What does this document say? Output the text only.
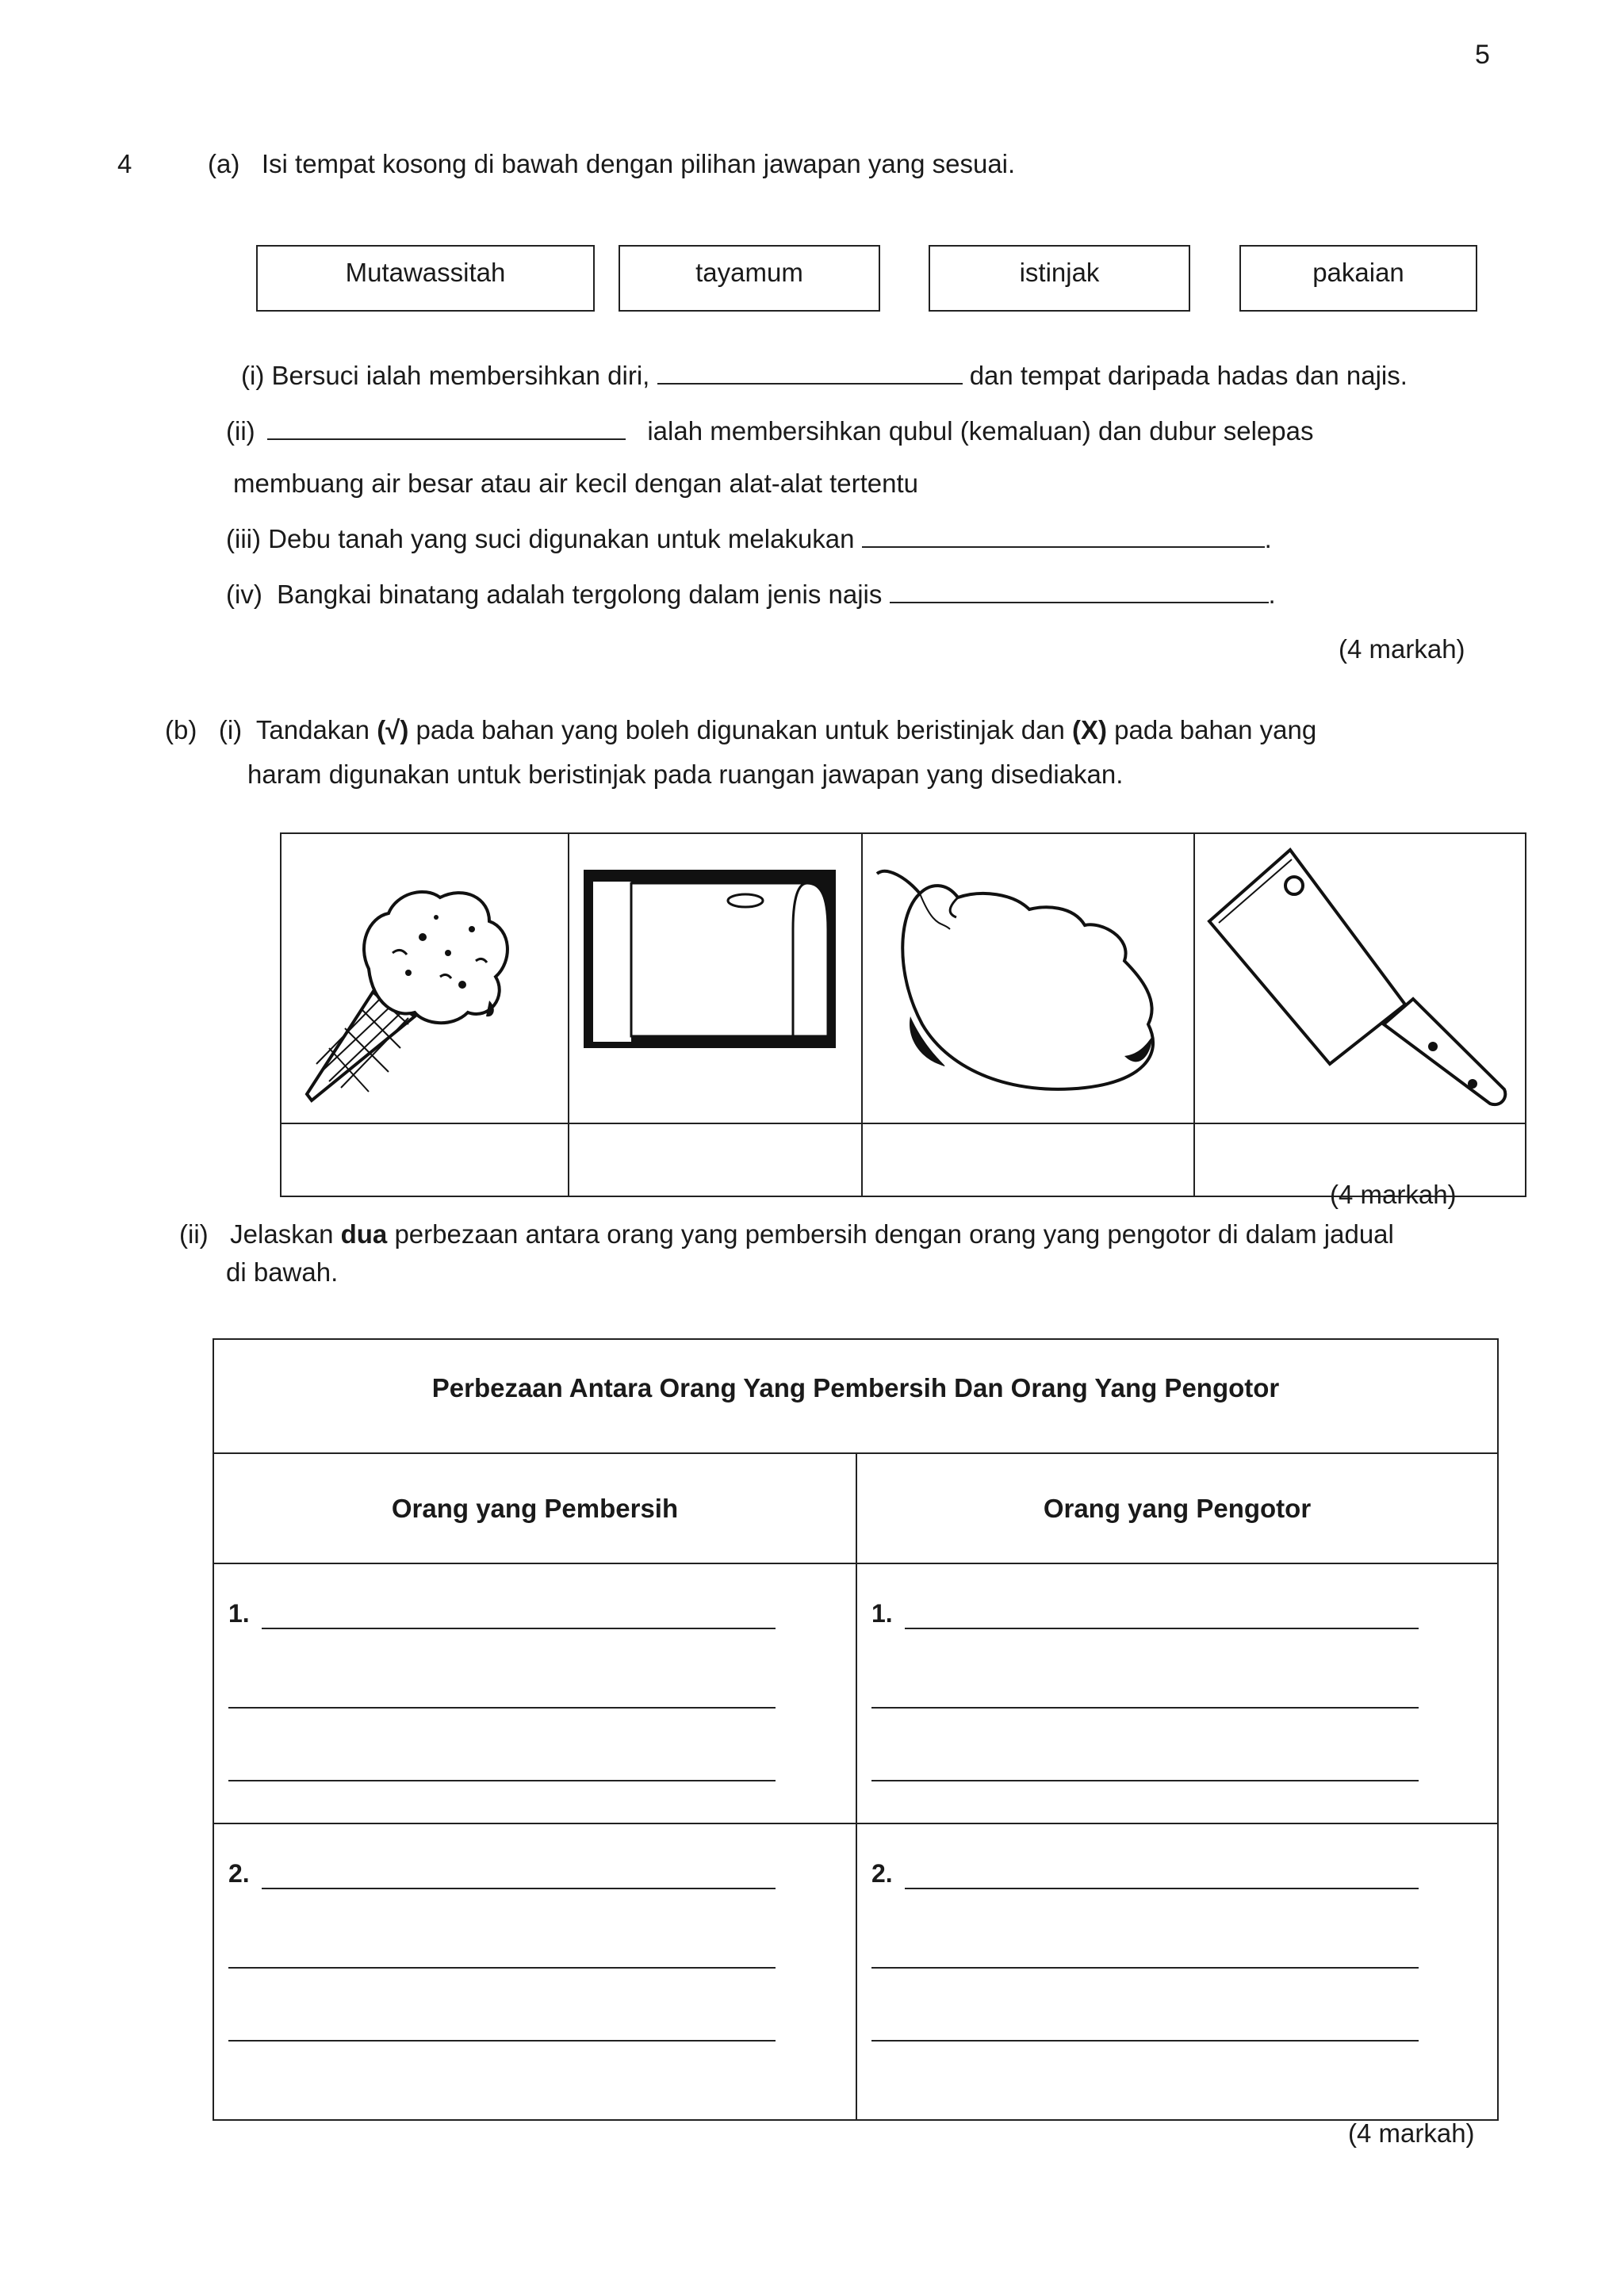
5
4	(a) Isi tempat kosong di bawah dengan pilihan jawapan yang sesuai.
Mutawassitah	tayamum	istinjak	pakaian
(i) Bersuci ialah membersihkan diri,	dan tempat daripada hadas dan najis.
(ii)	ialah membersihkan qubul (kemaluan) dan dubur selepas
membuang air besar atau air kecil dengan alat-alat tertentu
(iii) Debu tanah yang suci digunakan untuk melakukan	.
(iv) Bangkai binatang adalah tergolong dalam jenis najis	.
(4 markah)
(b) (i) Tandakan (√) pada bahan yang boleh digunakan untuk beristinjak dan (X) pada bahan yang
haram digunakan untuk beristinjak pada ruangan jawapan yang disediakan.

(4 markah)
(ii) Jelaskan dua perbezaan antara orang yang pembersih dengan orang yang pengotor di dalam jadual
di bawah.
Perbezaan Antara Orang Yang Pembersih Dan Orang Yang Pengotor	
Orang yang Pembersih	Orang yang Pengotor

1.	1.

2.	2.
(4 markah)
